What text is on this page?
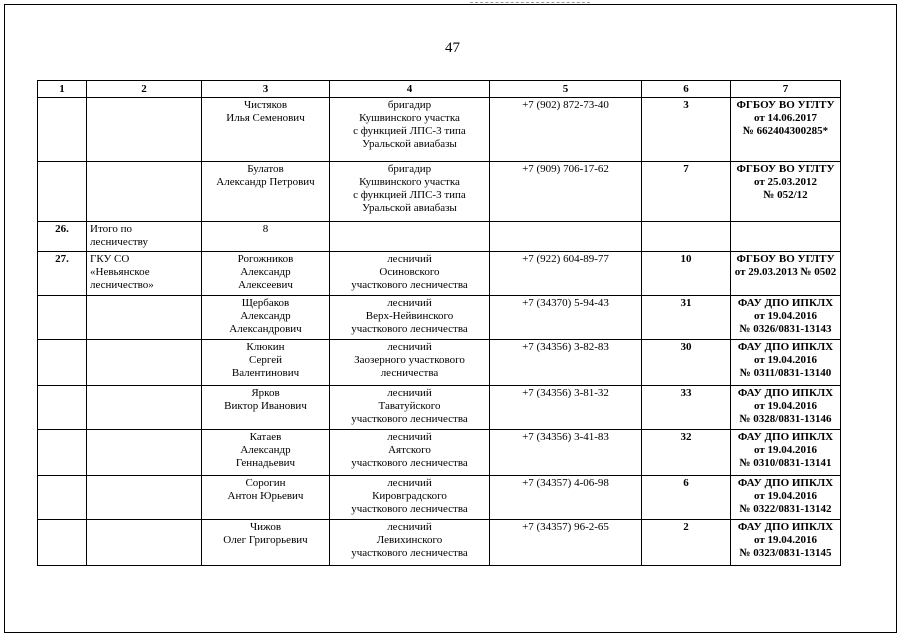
47
1	2	3	4	5	6	7

		Чистяков
Илья Семенович	бригадир
Кушвинского участка
с функцией ЛПС-3 типа
Уральской авиабазы	+7 (902) 872-73-40	3	ФГБОУ ВО УГЛТУ
от 14.06.2017
№ 662404300285*

		Булатов
Александр Петрович	бригадир
Кушвинского участка
с функцией ЛПС-3 типа
Уральской авиабазы	+7 (909) 706-17-62	7	ФГБОУ ВО УГЛТУ
от 25.03.2012
№ 052/12

26.	Итого по
лесничеству	8				

27.	ГКУ СО
«Невьянское
лесничество»	Рогожников
Александр
Алексеевич	лесничий
Осиновского
участкового лесничества	+7 (922) 604-89-77	10	ФГБОУ ВО УГЛТУ
от 29.03.2013 № 0502

		Щербаков
Александр
Александрович	лесничий
Верх-Нейвинского
участкового лесничества	+7 (34370) 5-94-43	31	ФАУ ДПО ИПКЛХ
от 19.04.2016
№ 0326/0831-13143

		Клюкин
Сергей
Валентинович	лесничий
Заозерного участкового
лесничества	+7 (34356) 3-82-83	30	ФАУ ДПО ИПКЛХ
от 19.04.2016
№ 0311/0831-13140

		Ярков
Виктор Иванович	лесничий
Таватуйского
участкового лесничества	+7 (34356) 3-81-32	33	ФАУ ДПО ИПКЛХ
от 19.04.2016
№ 0328/0831-13146

		Катаев
Александр
Геннадьевич	лесничий
Аятского
участкового лесничества	+7 (34356) 3-41-83	32	ФАУ ДПО ИПКЛХ
от 19.04.2016
№ 0310/0831-13141

		Сорогин
Антон Юрьевич	лесничий
Кировградского
участкового лесничества	+7 (34357) 4-06-98	6	ФАУ ДПО ИПКЛХ
от 19.04.2016
№ 0322/0831-13142

		Чижов
Олег Григорьевич	лесничий
Левихинского
участкового лесничества	+7 (34357) 96-2-65	2	ФАУ ДПО ИПКЛХ
от 19.04.2016
№ 0323/0831-13145
